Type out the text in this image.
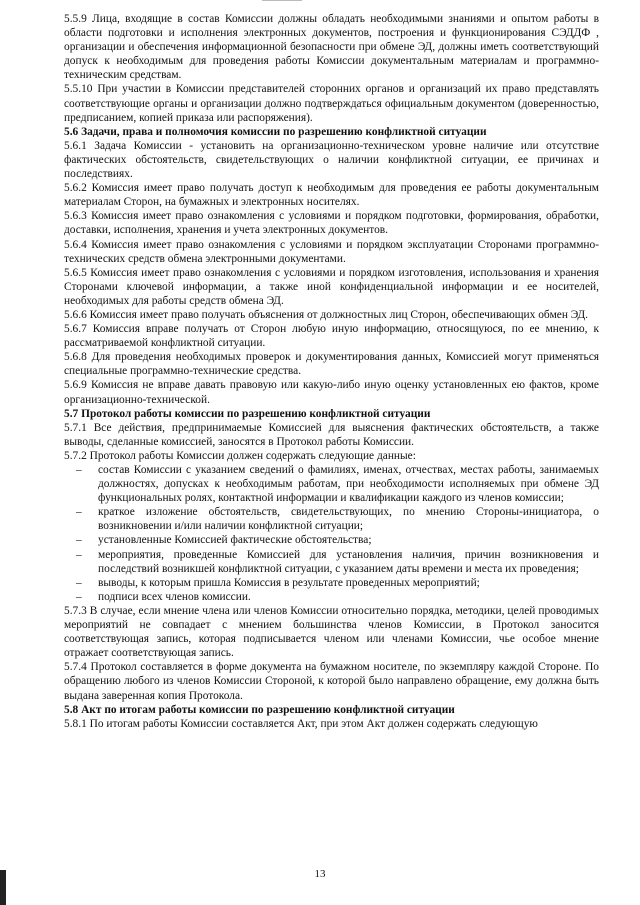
5.5.9 Лица, входящие в состав Комиссии должны обладать необходимыми знаниями и опытом работы в области подготовки и исполнения электронных документов, построения и функционирования СЭДДФ , организации и обеспечения информационной безопасности при обмене ЭД, должны иметь соответствующий допуск к необходимым для проведения работы Комиссии документальным материалам и программно-техническим средствам.

5.5.10 При участии в Комиссии представителей сторонних органов и организаций их право представлять соответствующие органы и организации должно подтверждаться официальным документом (доверенностью, предписанием, копией приказа или распоряжения).

5.6 Задачи, права и полномочия комиссии по разрешению конфликтной ситуации

5.6.1 Задача Комиссии - установить на организационно-техническом уровне наличие или отсутствие фактических обстоятельств, свидетельствующих о наличии конфликтной ситуации, ее причинах и последствиях.

5.6.2 Комиссия имеет право получать доступ к необходимым для проведения ее работы документальным материалам Сторон, на бумажных и электронных носителях.

5.6.3 Комиссия имеет право ознакомления с условиями и порядком подготовки, формирования, обработки, доставки, исполнения, хранения и учета электронных документов.

5.6.4 Комиссия имеет право ознакомления с условиями и порядком эксплуатации Сторонами программно-технических средств обмена электронными документами.

5.6.5 Комиссия имеет право ознакомления с условиями и порядком изготовления, использования и хранения Сторонами ключевой информации, а также иной конфиденциальной информации и ее носителей, необходимых для работы средств обмена ЭД.

5.6.6 Комиссия имеет право получать объяснения от должностных лиц Сторон, обеспечивающих обмен ЭД.

5.6.7 Комиссия вправе получать от Сторон любую иную информацию, относящуюся, по ее мнению, к рассматриваемой конфликтной ситуации.

5.6.8 Для проведения необходимых проверок и документирования данных, Комиссией могут применяться специальные программно-технические средства.

5.6.9 Комиссия не вправе давать правовую или какую-либо иную оценку установленных ею фактов, кроме организационно-технической.

5.7 Протокол работы комиссии по разрешению конфликтной ситуации

5.7.1 Все действия, предпринимаемые Комиссией для выяснения фактических обстоятельств, а также выводы, сделанные комиссией, заносятся в Протокол работы Комиссии.

5.7.2 Протокол работы Комиссии должен содержать следующие данные:

– состав Комиссии с указанием сведений о фамилиях, именах, отчествах, местах работы, занимаемых должностях, допусках к необходимым работам, при необходимости исполняемых при обмене ЭД функциональных ролях, контактной информации и квалификации каждого из членов комиссии;
– краткое изложение обстоятельств, свидетельствующих, по мнению Стороны-инициатора, о возникновении и/или наличии конфликтной ситуации;
– установленные Комиссией фактические обстоятельства;
– мероприятия, проведенные Комиссией для установления наличия, причин возникновения и последствий возникшей конфликтной ситуации, с указанием даты времени и места их проведения;
– выводы, к которым пришла Комиссия в результате проведенных мероприятий;
– подписи всех членов комиссии.

5.7.3 В случае, если мнение члена или членов Комиссии относительно порядка, методики, целей проводимых мероприятий не совпадает с мнением большинства членов Комиссии, в Протокол заносится соответствующая запись, которая подписывается членом или членами Комиссии, чье особое мнение отражает соответствующая запись.

5.7.4 Протокол составляется в форме документа на бумажном носителе, по экземпляру каждой Стороне. По обращению любого из членов Комиссии Стороной, к которой было направлено обращение, ему должна быть выдана заверенная копия Протокола.

5.8 Акт по итогам работы комиссии по разрешению конфликтной ситуации

5.8.1 По итогам работы Комиссии составляется Акт, при этом Акт должен содержать следующую

13
